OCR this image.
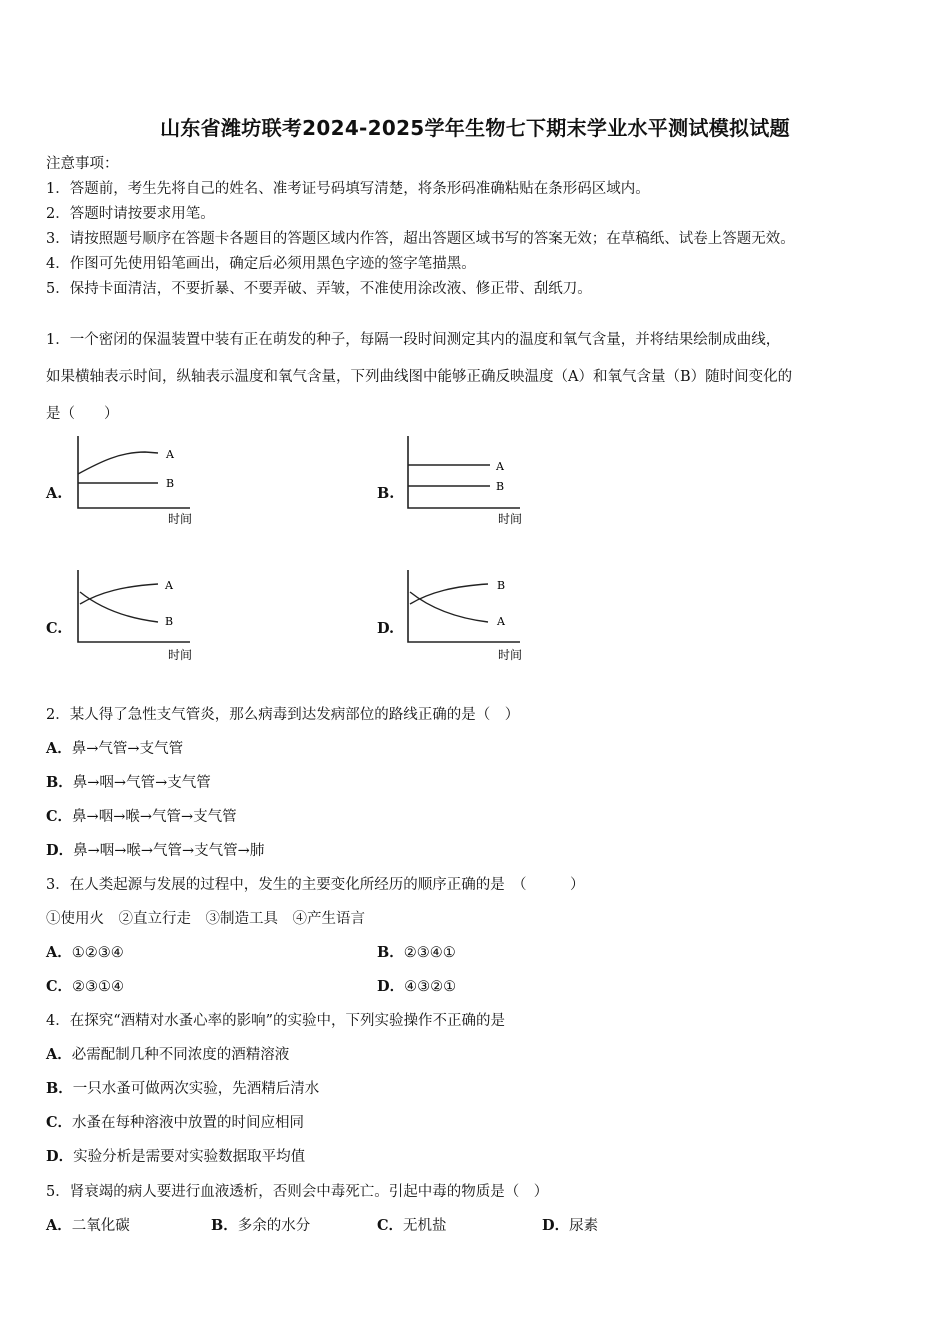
山东省潍坊联考2024-2025学年生物七下期末学业水平测试模拟试题
注意事项：
1．答题前，考生先将自己的姓名、准考证号码填写清楚，将条形码准确粘贴在条形码区域内。
2．答题时请按要求用笔。
3．请按照题号顺序在答题卡各题目的答题区域内作答，超出答题区域书写的答案无效；在草稿纸、试卷上答题无效。
4．作图可先使用铅笔画出，确定后必须用黑色字迹的签字笔描黑。
5．保持卡面清洁，不要折暴、不要弄破、弄皱，不准使用涂改液、修正带、刮纸刀。
1．一个密闭的保温装置中装有正在萌发的种子，每隔一段时间测定其内的温度和氧气含量，并将结果绘制成曲线，
如果横轴表示时间，纵轴表示温度和氧气含量，下列曲线图中能够正确反映温度（A）和氧气含量（B）随时间变化的
是（　　）
A.
A
B
时间
B.
A
B
时间
C.
A
B
时间
D.
B
A
时间
2．某人得了急性支气管炎，那么病毒到达发病部位的路线正确的是（　）
A．鼻→气管→支气管
B．鼻→咽→气管→支气管
C．鼻→咽→喉→气管→支气管
D．鼻→咽→喉→气管→支气管→肺
3．在人类起源与发展的过程中，发生的主要变化所经历的顺序正确的是　（　　　）
①使用火　②直立行走　③制造工具　④产生语言
A．①②③④	B．②③④①
C．②③①④	D．④③②①
4．在探究“酒精对水蚤心率的影响”的实验中，下列实验操作不正确的是
A．必需配制几种不同浓度的酒精溶液
B．一只水蚤可做两次实验，先酒精后清水
C．水蚤在每种溶液中放置的时间应相同
D．实验分析是需要对实验数据取平均值
5．肾衰竭的病人要进行血液透析，否则会中毒死亡。引起中毒的物质是（　）
A．二氧化碳	B．多余的水分	C．无机盐	D．尿素
